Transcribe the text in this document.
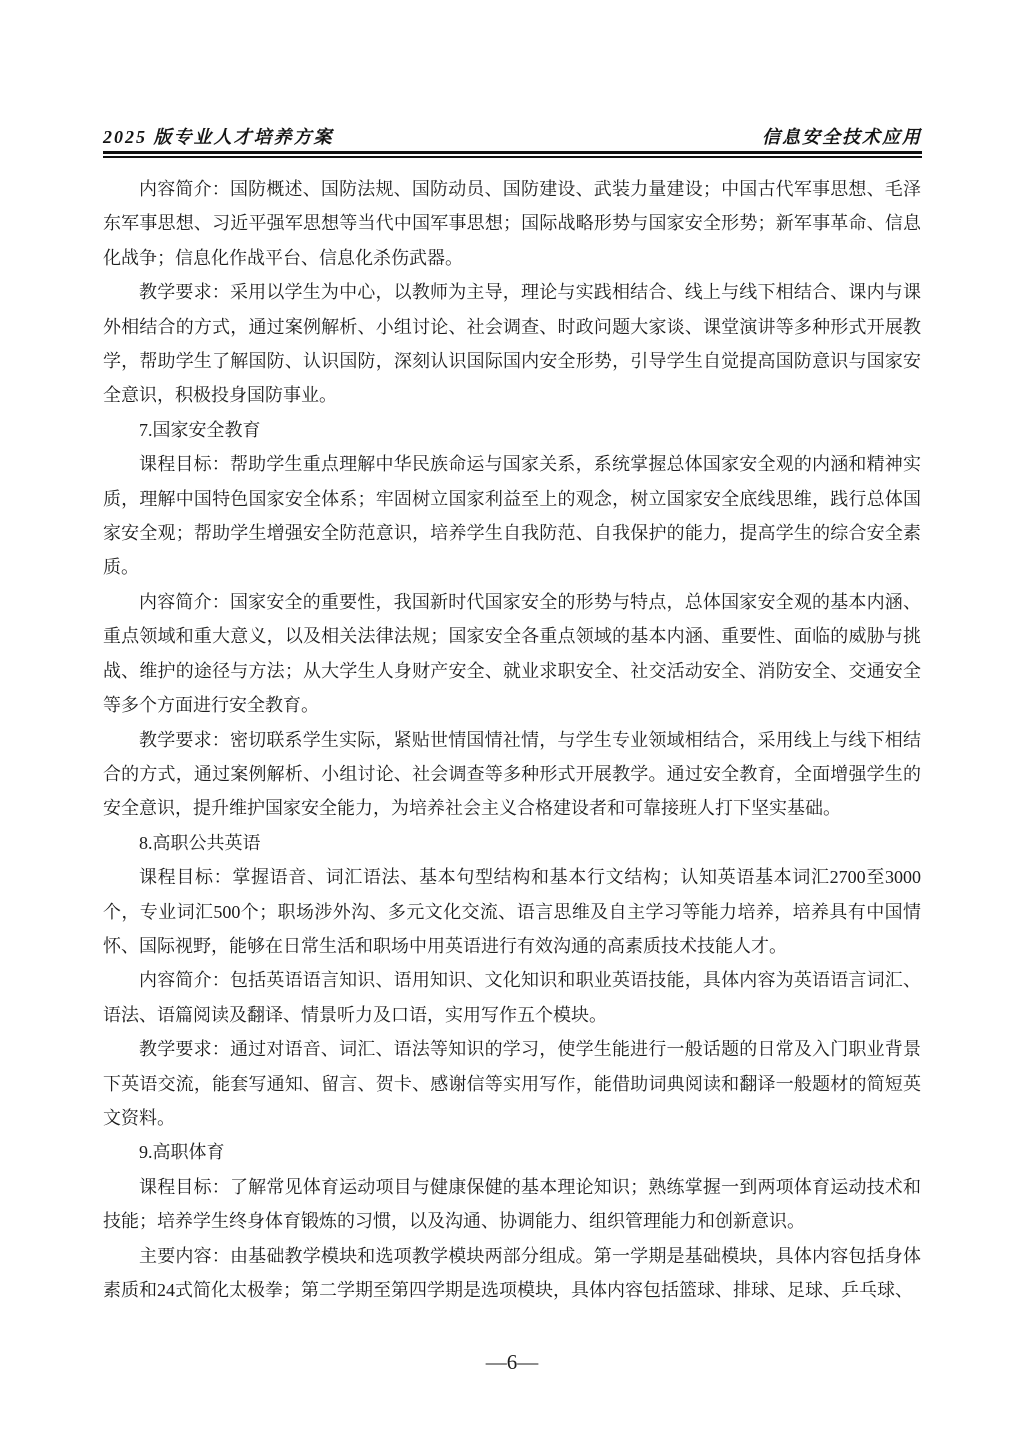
2025 版专业人才培养方案	信息安全技术应用

内容简介：国防概述、国防法规、国防动员、国防建设、武装力量建设；中国古代军事思想、毛泽东军事思想、习近平强军思想等当代中国军事思想；国际战略形势与国家安全形势；新军事革命、信息化战争；信息化作战平台、信息化杀伤武器。

教学要求：采用以学生为中心，以教师为主导，理论与实践相结合、线上与线下相结合、课内与课外相结合的方式，通过案例解析、小组讨论、社会调查、时政问题大家谈、课堂演讲等多种形式开展教学，帮助学生了解国防、认识国防，深刻认识国际国内安全形势，引导学生自觉提高国防意识与国家安全意识，积极投身国防事业。

7.国家安全教育

课程目标：帮助学生重点理解中华民族命运与国家关系，系统掌握总体国家安全观的内涵和精神实质，理解中国特色国家安全体系；牢固树立国家利益至上的观念，树立国家安全底线思维，践行总体国家安全观；帮助学生增强安全防范意识，培养学生自我防范、自我保护的能力，提高学生的综合安全素质。

内容简介：国家安全的重要性，我国新时代国家安全的形势与特点，总体国家安全观的基本内涵、重点领域和重大意义，以及相关法律法规；国家安全各重点领域的基本内涵、重要性、面临的威胁与挑战、维护的途径与方法；从大学生人身财产安全、就业求职安全、社交活动安全、消防安全、交通安全等多个方面进行安全教育。

教学要求：密切联系学生实际，紧贴世情国情社情，与学生专业领域相结合，采用线上与线下相结合的方式，通过案例解析、小组讨论、社会调查等多种形式开展教学。通过安全教育，全面增强学生的安全意识，提升维护国家安全能力，为培养社会主义合格建设者和可靠接班人打下坚实基础。

8.高职公共英语

课程目标：掌握语音、词汇语法、基本句型结构和基本行文结构；认知英语基本词汇2700至3000个，专业词汇500个；职场涉外沟、多元文化交流、语言思维及自主学习等能力培养，培养具有中国情怀、国际视野，能够在日常生活和职场中用英语进行有效沟通的高素质技术技能人才。

内容简介：包括英语语言知识、语用知识、文化知识和职业英语技能，具体内容为英语语言词汇、语法、语篇阅读及翻译、情景听力及口语，实用写作五个模块。

教学要求：通过对语音、词汇、语法等知识的学习，使学生能进行一般话题的日常及入门职业背景下英语交流，能套写通知、留言、贺卡、感谢信等实用写作，能借助词典阅读和翻译一般题材的简短英文资料。

9.高职体育

课程目标：了解常见体育运动项目与健康保健的基本理论知识；熟练掌握一到两项体育运动技术和技能；培养学生终身体育锻炼的习惯，以及沟通、协调能力、组织管理能力和创新意识。

主要内容：由基础教学模块和选项教学模块两部分组成。第一学期是基础模块，具体内容包括身体素质和24式简化太极拳；第二学期至第四学期是选项模块，具体内容包括篮球、排球、足球、乒乓球、

—6—
